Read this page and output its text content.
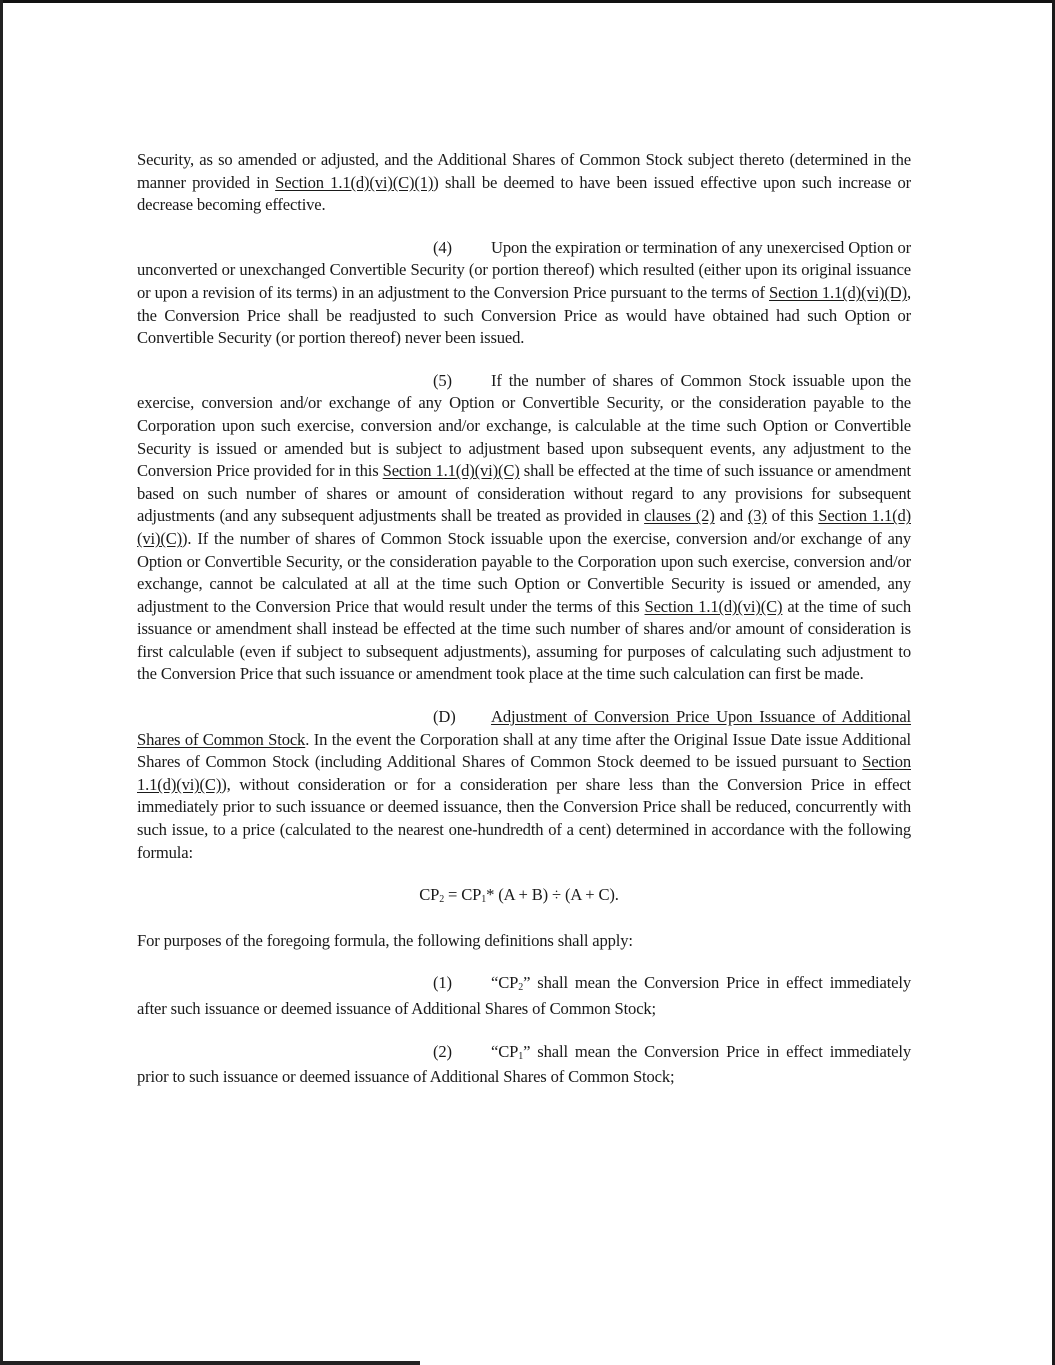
Security, as so amended or adjusted, and the Additional Shares of Common Stock subject thereto (determined in the manner provided in Section 1.1(d)(vi)(C)(1)) shall be deemed to have been issued effective upon such increase or decrease becoming effective.

(4) Upon the expiration or termination of any unexercised Option or unconverted or unexchanged Convertible Security (or portion thereof) which resulted (either upon its original issuance or upon a revision of its terms) in an adjustment to the Conversion Price pursuant to the terms of Section 1.1(d)(vi)(D), the Conversion Price shall be readjusted to such Conversion Price as would have obtained had such Option or Convertible Security (or portion thereof) never been issued.

(5) If the number of shares of Common Stock issuable upon the exercise, conversion and/or exchange of any Option or Convertible Security, or the consideration payable to the Corporation upon such exercise, conversion and/or exchange, is calculable at the time such Option or Convertible Security is issued or amended but is subject to adjustment based upon subsequent events, any adjustment to the Conversion Price provided for in this Section 1.1(d)(vi)(C) shall be effected at the time of such issuance or amendment based on such number of shares or amount of consideration without regard to any provisions for subsequent adjustments (and any subsequent adjustments shall be treated as provided in clauses (2) and (3) of this Section 1.1(d)(vi)(C)). If the number of shares of Common Stock issuable upon the exercise, conversion and/or exchange of any Option or Convertible Security, or the consideration payable to the Corporation upon such exercise, conversion and/or exchange, cannot be calculated at all at the time such Option or Convertible Security is issued or amended, any adjustment to the Conversion Price that would result under the terms of this Section 1.1(d)(vi)(C) at the time of such issuance or amendment shall instead be effected at the time such number of shares and/or amount of consideration is first calculable (even if subject to subsequent adjustments), assuming for purposes of calculating such adjustment to the Conversion Price that such issuance or amendment took place at the time such calculation can first be made.

(D) Adjustment of Conversion Price Upon Issuance of Additional Shares of Common Stock. In the event the Corporation shall at any time after the Original Issue Date issue Additional Shares of Common Stock (including Additional Shares of Common Stock deemed to be issued pursuant to Section 1.1(d)(vi)(C)), without consideration or for a consideration per share less than the Conversion Price in effect immediately prior to such issuance or deemed issuance, then the Conversion Price shall be reduced, concurrently with such issue, to a price (calculated to the nearest one-hundredth of a cent) determined in accordance with the following formula:

$CP_2 = CP_1*$ (A + B) ÷ (A + C).

For purposes of the foregoing formula, the following definitions shall apply:

(1) “$CP_2$” shall mean the Conversion Price in effect immediately after such issuance or deemed issuance of Additional Shares of Common Stock;

(2) “$CP_1$” shall mean the Conversion Price in effect immediately prior to such issuance or deemed issuance of Additional Shares of Common Stock;
